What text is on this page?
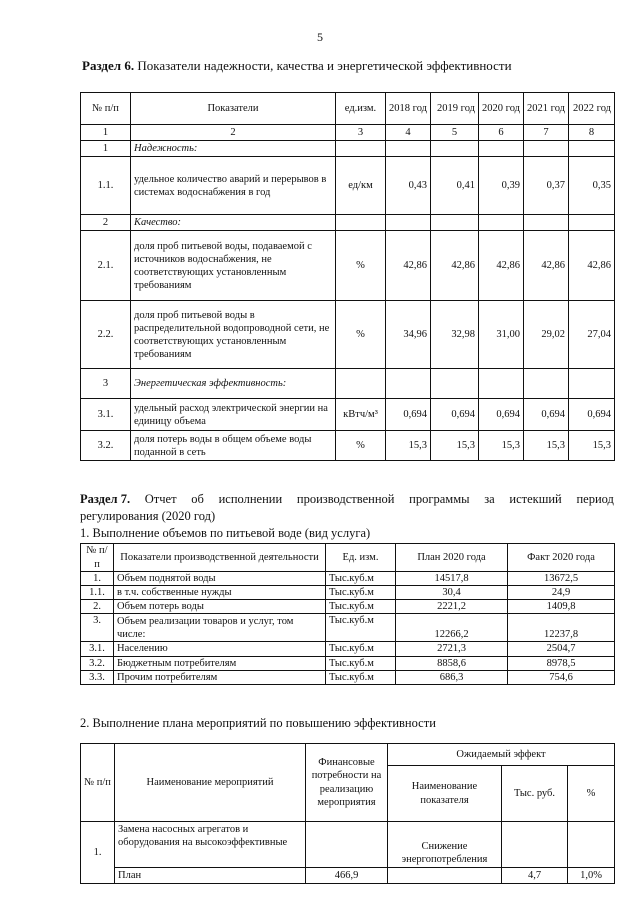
5
Раздел 6. Показатели надежности, качества и энергетической эффективности
№ п/п	Показатели	ед.изм.	2018 год	2019 год	2020 год	2021 год	2022 год
1	2	3	4	5	6	7	8
1	Надежность:						
1.1.	удельное количество аварий и перерывов в системах водоснабжения в год	ед/км	0,43	0,41	0,39	0,37	0,35
2	Качество:						
2.1.	доля проб питьевой воды, подаваемой с источников водоснабжения, не соответствующих установленным требованиям	%	42,86	42,86	42,86	42,86	42,86
2.2.	доля проб питьевой воды в распределительной водопроводной сети, не соответствующих установленным требованиям	%	34,96	32,98	31,00	29,02	27,04
3	Энергетическая эффективность:						
3.1.	удельный расход электрической энергии на единицу объема	кВтч/м³	0,694	0,694	0,694	0,694	0,694
3.2.	доля потерь воды в общем объеме воды поданной в сеть	%	15,3	15,3	15,3	15,3	15,3
Раздел 7. Отчет об исполнении производственной программы за истекший период
регулирования (2020 год)
1. Выполнение объемов по питьевой воде (вид услуга)
№ п/п	Показатели производственной деятельности	Ед. изм.	План 2020 года	Факт 2020 года
1.	Объем поднятой воды	Тыс.куб.м	14517,8	13672,5
1.1.	в т.ч. собственные нужды	Тыс.куб.м	30,4	24,9
2.	Объем потерь воды	Тыс.куб.м	2221,2	1409,8
3.	Объем реализации товаров и услуг, том числе:	Тыс.куб.м	12266,2	12237,8
3.1.	Населению	Тыс.куб.м	2721,3	2504,7
3.2.	Бюджетным потребителям	Тыс.куб.м	8858,6	8978,5
3.3.	Прочим потребителям	Тыс.куб.м	686,3	754,6
2. Выполнение плана мероприятий по повышению эффективности
№ п/п	Наименование мероприятий	Финансовые потребности на реализацию мероприятия	Ожидаемый эффект		
			Наименование показателя	Тыс. руб.	%
1.	Замена насосных агрегатов и оборудования на высокоэффективные		Снижение энергопотребления		
	План	466,9		4,7	1,0%
